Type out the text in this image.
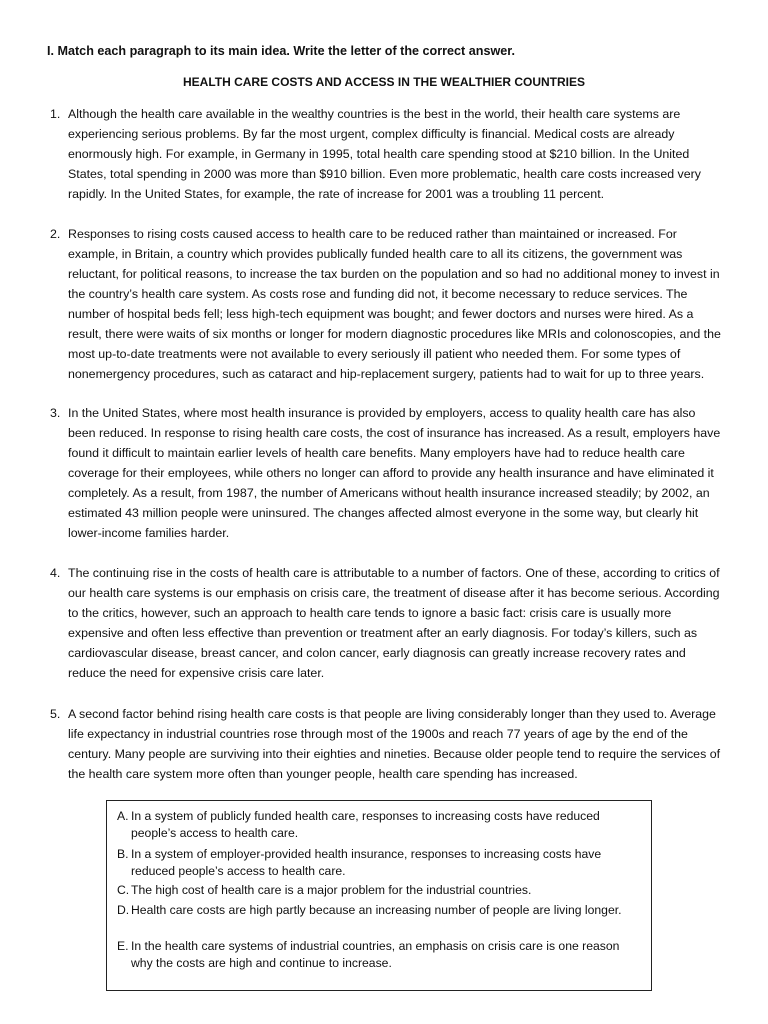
I. Match each paragraph to its main idea. Write the letter of the correct answer.
HEALTH CARE COSTS AND ACCESS IN THE WEALTHIER COUNTRIES
1. Although the health care available in the wealthy countries is the best in the world, their health care systems are experiencing serious problems. By far the most urgent, complex difficulty is financial. Medical costs are already enormously high. For example, in Germany in 1995, total health care spending stood at $210 billion. In the United States, total spending in 2000 was more than $910 billion. Even more problematic, health care costs increased very rapidly. In the United States, for example, the rate of increase for 2001 was a troubling 11 percent.
2. Responses to rising costs caused access to health care to be reduced rather than maintained or increased. For example, in Britain, a country which provides publically funded health care to all its citizens, the government was reluctant, for political reasons, to increase the tax burden on the population and so had no additional money to invest in the country’s health care system. As costs rose and funding did not, it become necessary to reduce services. The number of hospital beds fell; less high-tech equipment was bought; and fewer doctors and nurses were hired. As a result, there were waits of six months or longer for modern diagnostic procedures like MRIs and colonoscopies, and the most up-to-date treatments were not available to every seriously ill patient who needed them. For some types of nonemergency procedures, such as cataract and hip-replacement surgery, patients had to wait for up to three years.
3. In the United States, where most health insurance is provided by employers, access to quality health care has also been reduced. In response to rising health care costs, the cost of insurance has increased. As a result, employers have found it difficult to maintain earlier levels of health care benefits. Many employers have had to reduce health care coverage for their employees, while others no longer can afford to provide any health insurance and have eliminated it completely. As a result, from 1987, the number of Americans without health insurance increased steadily; by 2002, an estimated 43 million people were uninsured. The changes affected almost everyone in the some way, but clearly hit lower-income families harder.
4. The continuing rise in the costs of health care is attributable to a number of factors. One of these, according to critics of our health care systems is our emphasis on crisis care, the treatment of disease after it has become serious. According to the critics, however, such an approach to health care tends to ignore a basic fact: crisis care is usually more expensive and often less effective than prevention or treatment after an early diagnosis. For today’s killers, such as cardiovascular disease, breast cancer, and colon cancer, early diagnosis can greatly increase recovery rates and reduce the need for expensive crisis care later.
5. A second factor behind rising health care costs is that people are living considerably longer than they used to. Average life expectancy in industrial countries rose through most of the 1900s and reach 77 years of age by the end of the century. Many people are surviving into their eighties and nineties. Because older people tend to require the services of the health care system more often than younger people, health care spending has increased.
A. In a system of publicly funded health care, responses to increasing costs have reduced people’s access to health care.
B. In a system of employer-provided health insurance, responses to increasing costs have reduced people’s access to health care.
C. The high cost of health care is a major problem for the industrial countries.
D. Health care costs are high partly because an increasing number of people are living longer.
E. In the health care systems of industrial countries, an emphasis on crisis care is one reason why the costs are high and continue to increase.
